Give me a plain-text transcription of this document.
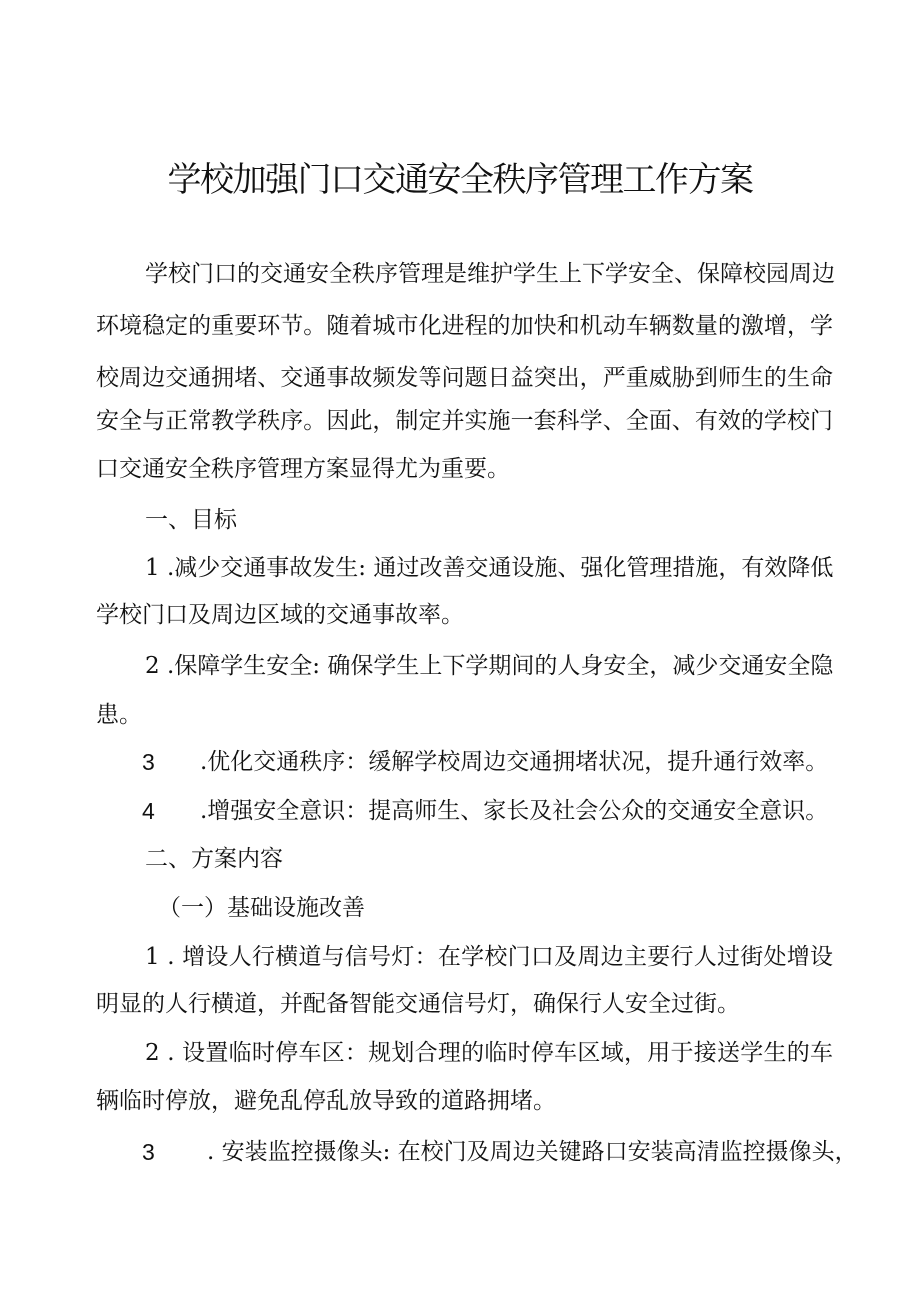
学校加强门口交通安全秩序管理工作方案
学校门口的交通安全秩序管理是维护学生上下学安全、保障校园周边
环境稳定的重要环节。随着城市化进程的加快和机动车辆数量的激增，学
校周边交通拥堵、交通事故频发等问题日益突出，严重威胁到师生的生命
安全与正常教学秩序。因此，制定并实施一套科学、全面、有效的学校门
口交通安全秩序管理方案显得尤为重要。
一、目标
1 .减少交通事故发生: 通过改善交通设施、强化管理措施，有效降低
学校门口及周边区域的交通事故率。
2 .保障学生安全: 确保学生上下学期间的人身安全，减少交通安全隐
患。
3 .优化交通秩序：缓解学校周边交通拥堵状况，提升通行效率。
4 .增强安全意识：提高师生、家长及社会公众的交通安全意识。
二、方案内容
（一）基础设施改善
1 . 增设人行横道与信号灯：在学校门口及周边主要行人过街处增设
明显的人行横道，并配备智能交通信号灯，确保行人安全过街。
2 . 设置临时停车区：规划合理的临时停车区域，用于接送学生的车
辆临时停放，避免乱停乱放导致的道路拥堵。
3 . 安装监控摄像头: 在校门及周边关键路口安装高清监控摄像头，
